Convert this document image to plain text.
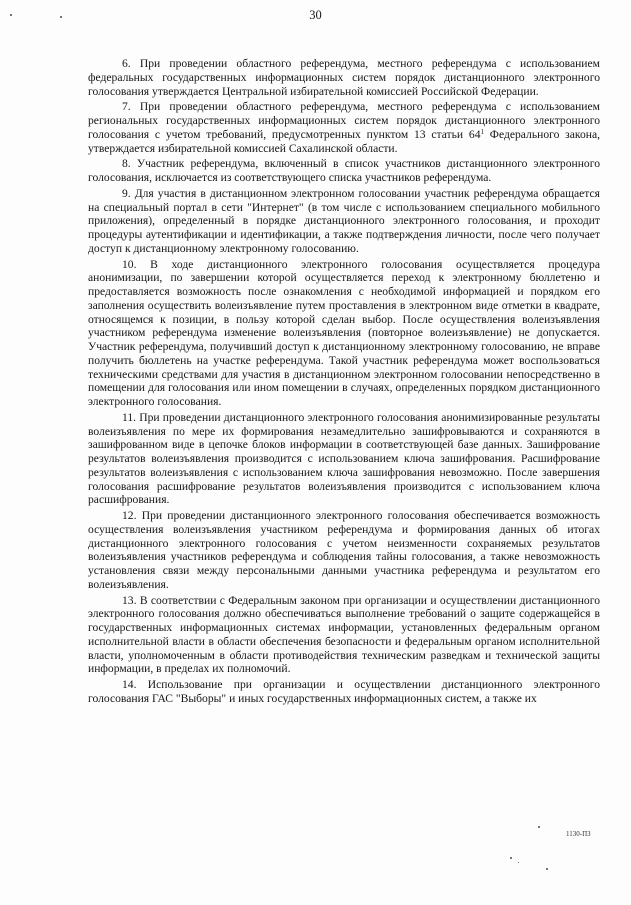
30

6. При проведении областного референдума, местного референдума с использованием федеральных государственных информационных систем порядок дистанционного электронного голосования утверждается Центральной избирательной комиссией Российской Федерации.

7. При проведении областного референдума, местного референдума с использованием региональных государственных информационных систем порядок дистанционного электронного голосования с учетом требований, предусмотренных пунктом 13 статьи $64^1$ Федерального закона, утверждается избирательной комиссией Сахалинской области.

8. Участник референдума, включенный в список участников дистанционного электронного голосования, исключается из соответствующего списка участников референдума.

9. Для участия в дистанционном электронном голосовании участник референдума обращается на специальный портал в сети "Интернет" (в том числе с использованием специального мобильного приложения), определенный в порядке дистанционного электронного голосования, и проходит процедуры аутентификации и идентификации, а также подтверждения личности, после чего получает доступ к дистанционному электронному голосованию.

10. В ходе дистанционного электронного голосования осуществляется процедура анонимизации, по завершении которой осуществляется переход к электронному бюллетеню и предоставляется возможность после ознакомления с необходимой информацией и порядком его заполнения осуществить волеизъявление путем проставления в электронном виде отметки в квадрате, относящемся к позиции, в пользу которой сделан выбор. После осуществления волеизъявления участником референдума изменение волеизъявления (повторное волеизъявление) не допускается. Участник референдума, получивший доступ к дистанционному электронному голосованию, не вправе получить бюллетень на участке референдума. Такой участник референдума может воспользоваться техническими средствами для участия в дистанционном электронном голосовании непосредственно в помещении для голосования или ином помещении в случаях, определенных порядком дистанционного электронного голосования.

11. При проведении дистанционного электронного голосования анонимизированные результаты волеизъявления по мере их формирования незамедлительно зашифровываются и сохраняются в зашифрованном виде в цепочке блоков информации в соответствующей базе данных. Зашифрование результатов волеизъявления производится с использованием ключа зашифрования. Расшифрование результатов волеизъявления с использованием ключа зашифрования невозможно. После завершения голосования расшифрование результатов волеизъявления производится с использованием ключа расшифрования.

12. При проведении дистанционного электронного голосования обеспечивается возможность осуществления волеизъявления участником референдума и формирования данных об итогах дистанционного электронного голосования с учетом неизменности сохраняемых результатов волеизъявления участников референдума и соблюдения тайны голосования, а также невозможность установления связи между персональными данными участника референдума и результатом его волеизъявления.

13. В соответствии с Федеральным законом при организации и осуществлении дистанционного электронного голосования должно обеспечиваться выполнение требований о защите содержащейся в государственных информационных системах информации, установленных федеральным органом исполнительной власти в области обеспечения безопасности и федеральным органом исполнительной власти, уполномоченным в области противодействия техническим разведкам и технической защиты информации, в пределах их полномочий.

14. Использование при организации и осуществлении дистанционного электронного голосования ГАС "Выборы" и иных государственных информационных систем, а также их

1130-ПЗ
